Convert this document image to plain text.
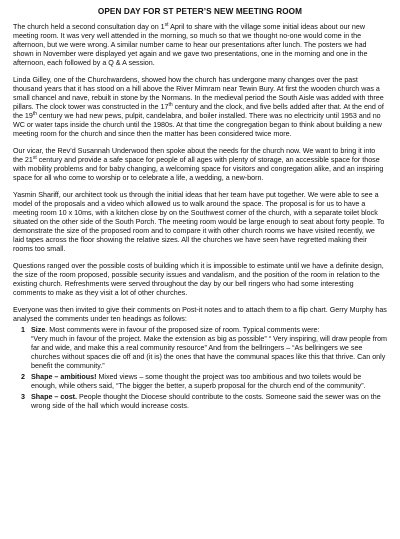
OPEN DAY FOR ST PETER’S NEW MEETING ROOM

The church held a second consultation day on 1st April to share with the village some initial ideas about our new meeting room. It was very well attended in the morning, so much so that we thought no-one would come in the afternoon, but we were wrong. A similar number came to hear our presentations after lunch. The posters we had shown in November were displayed yet again and we gave two presentations, one in the morning and one in the afternoon, each followed by a Q & A session.

Linda Gilley, one of the Churchwardens, showed how the church has undergone many changes over the past thousand years that it has stood on a hill above the River Mimram near Tewin Bury. At first the wooden church was a small chancel and nave, rebuilt in stone by the Normans. In the medieval period the South Aisle was added with three pillars. The clock tower was constructed in the 17th century and the clock, and five bells added after that. At the end of the 19th century we had new pews, pulpit, candelabra, and boiler installed. There was no electricity until 1953 and no WC or water taps inside the church until the 1980s. At that time the congregation began to think about building a new meeting room for the church and since then the matter has been considered twice more.

Our vicar, the Rev’d Susannah Underwood then spoke about the needs for the church now. We want to bring it into the 21st century and provide a safe space for people of all ages with plenty of storage, an accessible space for those with mobility problems and for baby changing, a welcoming space for visitors and congregation alike, and an inspiring space for all who come to worship or to celebrate a life, a wedding, a new-born.

Yasmin Shariff, our architect took us through the initial ideas that her team have put together. We were able to see a model of the proposals and a video which allowed us to walk around the space. The proposal is for us to have a meeting room 10 x 10ms, with a kitchen close by on the Southwest corner of the church, with a separate toilet block situated on the other side of the South Porch. The meeting room would be large enough to seat about forty people. To demonstrate the size of the proposed room and to compare it with other church rooms we have visited recently, we laid tapes across the floor showing the relative sizes. All the churches we have seen have regretted making their rooms too small.

Questions ranged over the possible costs of building which it is impossible to estimate until we have a definite design, the size of the room proposed, possible security issues and vandalism, and the position of the room in relation to the existing church. Refreshments were served throughout the day by our bell ringers who had some interesting comments to make as they visit a lot of other churches.

Everyone was then invited to give their comments on Post-it notes and to attach them to a flip chart. Gerry Murphy has analysed the comments under ten headings as follows:

1 Size. Most comments were in favour of the proposed size of room. Typical comments were:
“Very much in favour of the project. Make the extension as big as possible” “ Very inspiring, will draw people from far and wide, and make this a real community resource” And from the bellringers – “As bellringers we see churches without spaces die off and (it is) the ones that have the communal spaces like this that thrive. Can only benefit the community.”
2 Shape – ambitious! Mixed views – some thought the project was too ambitious and two toilets would be enough, while others said, “The bigger the better, a superb proposal for the church end of the community”.
3 Shape – cost. People thought the Diocese should contribute to the costs. Someone said the sewer was on the wrong side of the hall which would increase costs.
